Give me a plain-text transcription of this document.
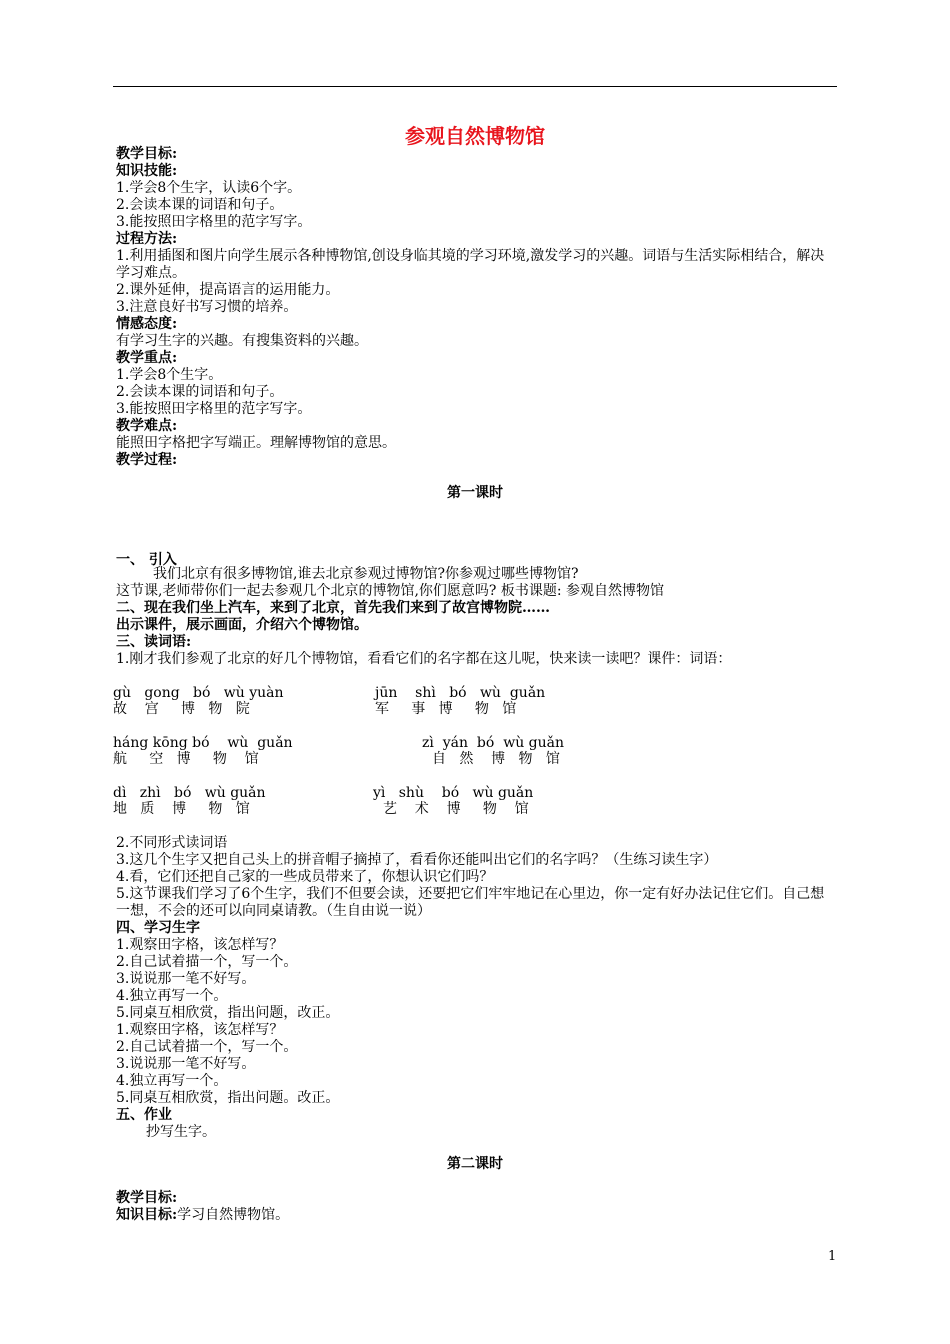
参观自然博物馆
教学目标:
知识技能:
1.学会8个生字，认读6个字。
2.会读本课的词语和句子。
3.能按照田字格里的范字写字。
过程方法:
1.利用插图和图片向学生展示各种博物馆,创设身临其境的学习环境,激发学习的兴趣。词语与生活实际相结合，解决学习难点。
2.课外延伸，提高语言的运用能力。
3.注意良好书写习惯的培养。
情感态度:
有学习生字的兴趣。有搜集资料的兴趣。
教学重点:
1.学会8个生字。
2.会读本课的词语和句子。
3.能按照田字格里的范字写字。
教学难点:
能照田字格把字写端正。理解博物馆的意思。
教学过程:
第一课时
一、 引入
我们北京有很多博物馆,谁去北京参观过博物馆?你参观过哪些博物馆?
这节课,老师带你们一起去参观几个北京的博物馆,你们愿意吗? 板书课题: 参观自然博物馆
二、现在我们坐上汽车，来到了北京，首先我们来到了故宫博物院……
出示课件，展示画面，介绍六个博物馆。
三、读词语:
1.刚才我们参观了北京的好几个博物馆，看看它们的名字都在这儿呢，快来读一读吧？课件：词语：
gù   gong   bó   wù yuàn
故    宫     博   物   院
jūn    shì   bó   wù  guǎn
军     事   博     物   馆
háng kōng bó    wù  guǎn
航     空   博     物    馆
zì  yán  bó  wù guǎn
自   然    博   物   馆
dì   zhì   bó   wù guǎn
地   质    博     物   馆
yì   shù    bó   wù guǎn
艺    术    博     物    馆
2.不同形式读词语
3.这几个生字又把自己头上的拼音帽子摘掉了，看看你还能叫出它们的名字吗？（生练习读生字）
4.看，它们还把自己家的一些成员带来了，你想认识它们吗？
5.这节课我们学习了6个生字，我们不但要会读，还要把它们牢牢地记在心里边，你一定有好办法记住它们。自己想一想，不会的还可以向同桌请教。（生自由说一说）
四、学习生字
1.观察田字格，该怎样写？
2.自己试着描一个，写一个。
3.说说那一笔不好写。
4.独立再写一个。
5.同桌互相欣赏，指出问题，改正。
1.观察田字格，该怎样写？
2.自己试着描一个，写一个。
3.说说那一笔不好写。
4.独立再写一个。
5.同桌互相欣赏，指出问题。改正。
五、作业
抄写生字。
第二课时
教学目标:
知识目标:学习自然博物馆。
1
